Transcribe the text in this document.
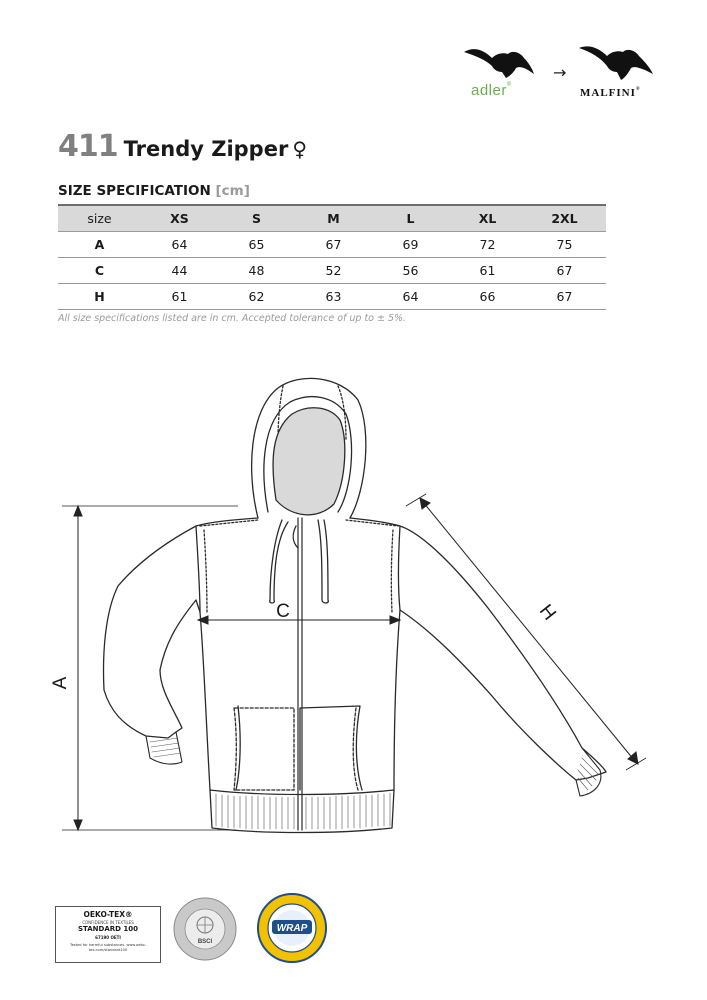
adler®
→
MALFINI®
411 Trendy Zipper ♀
SIZE SPECIFICATION [cm]
size	XS	S	M	L	XL	2XL	
A	64	65	67	69	72	75	
C	44	48	52	56	61	67	
H	61	62	63	64	66	67	
All size specifications listed are in cm. Accepted tolerance of up to ± 5%.
A
C	H
OEKO-TEX®
CONFIDENCE IN TEXTILES
STANDARD 100
67190 OETI
Tested for harmful substances. www.oeko-tex.com/standard100
BSCI
WRAP
